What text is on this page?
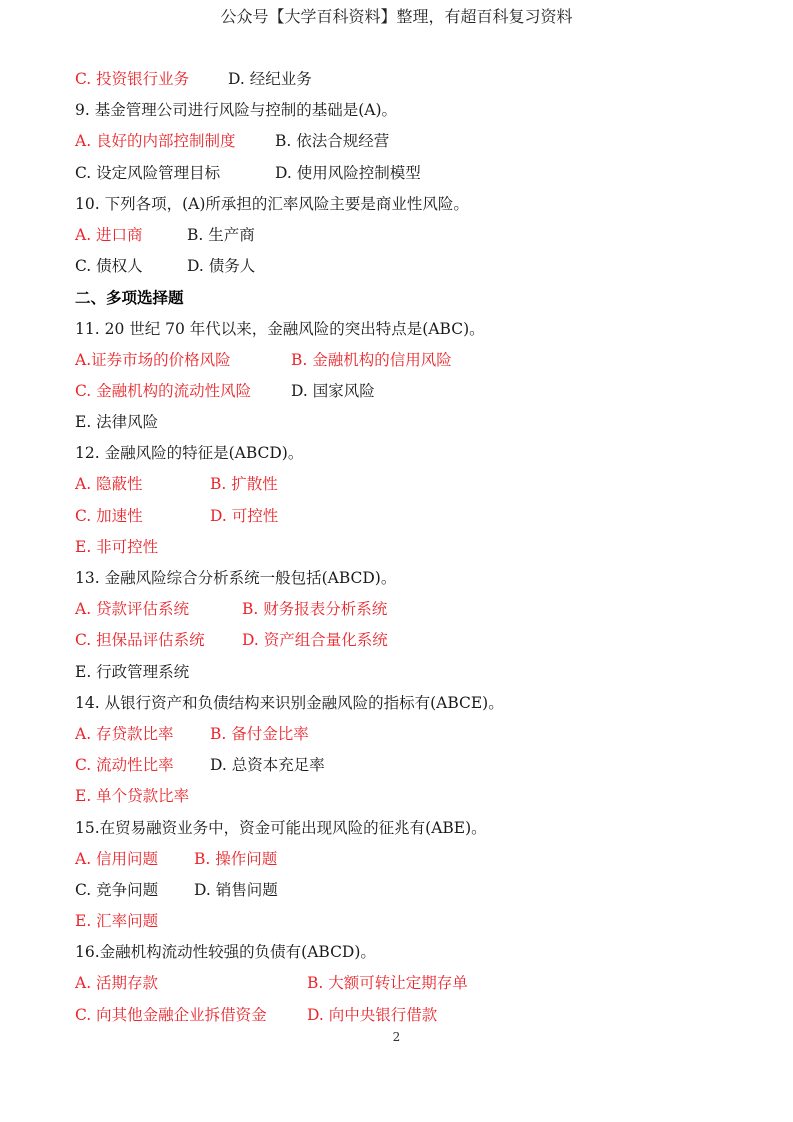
公众号【大学百科资料】整理，有超百科复习资料
C. 投资银行业务	D. 经纪业务
9. 基金管理公司进行风险与控制的基础是(A)。
A. 良好的内部控制制度	B. 依法合规经营
C. 设定风险管理目标	D. 使用风险控制模型
10. 下列各项，(A)所承担的汇率风险主要是商业性风险。
A. 进口商	B. 生产商
C. 债权人	D. 债务人
二、多项选择题
11. 20 世纪 70 年代以来，金融风险的突出特点是(ABC)。
A.证券市场的价格风险	B. 金融机构的信用风险
C. 金融机构的流动性风险	D. 国家风险
E. 法律风险
12. 金融风险的特征是(ABCD)。
A. 隐蔽性	B. 扩散性
C. 加速性	D. 可控性
E. 非可控性
13. 金融风险综合分析系统一般包括(ABCD)。
A. 贷款评估系统	B. 财务报表分析系统
C. 担保品评估系统 D. 资产组合量化系统
E. 行政管理系统
14. 从银行资产和负债结构来识别金融风险的指标有(ABCE)。
A. 存贷款比率 B. 备付金比率
C. 流动性比率 D. 总资本充足率
E. 单个贷款比率
15.在贸易融资业务中，资金可能出现风险的征兆有(ABE)。
A. 信用问题 B. 操作问题
C. 竞争问题 D. 销售问题
E. 汇率问题
16.金融机构流动性较强的负债有(ABCD)。
A. 活期存款	B. 大额可转让定期存单
C. 向其他金融企业拆借资金	D. 向中央银行借款
2
